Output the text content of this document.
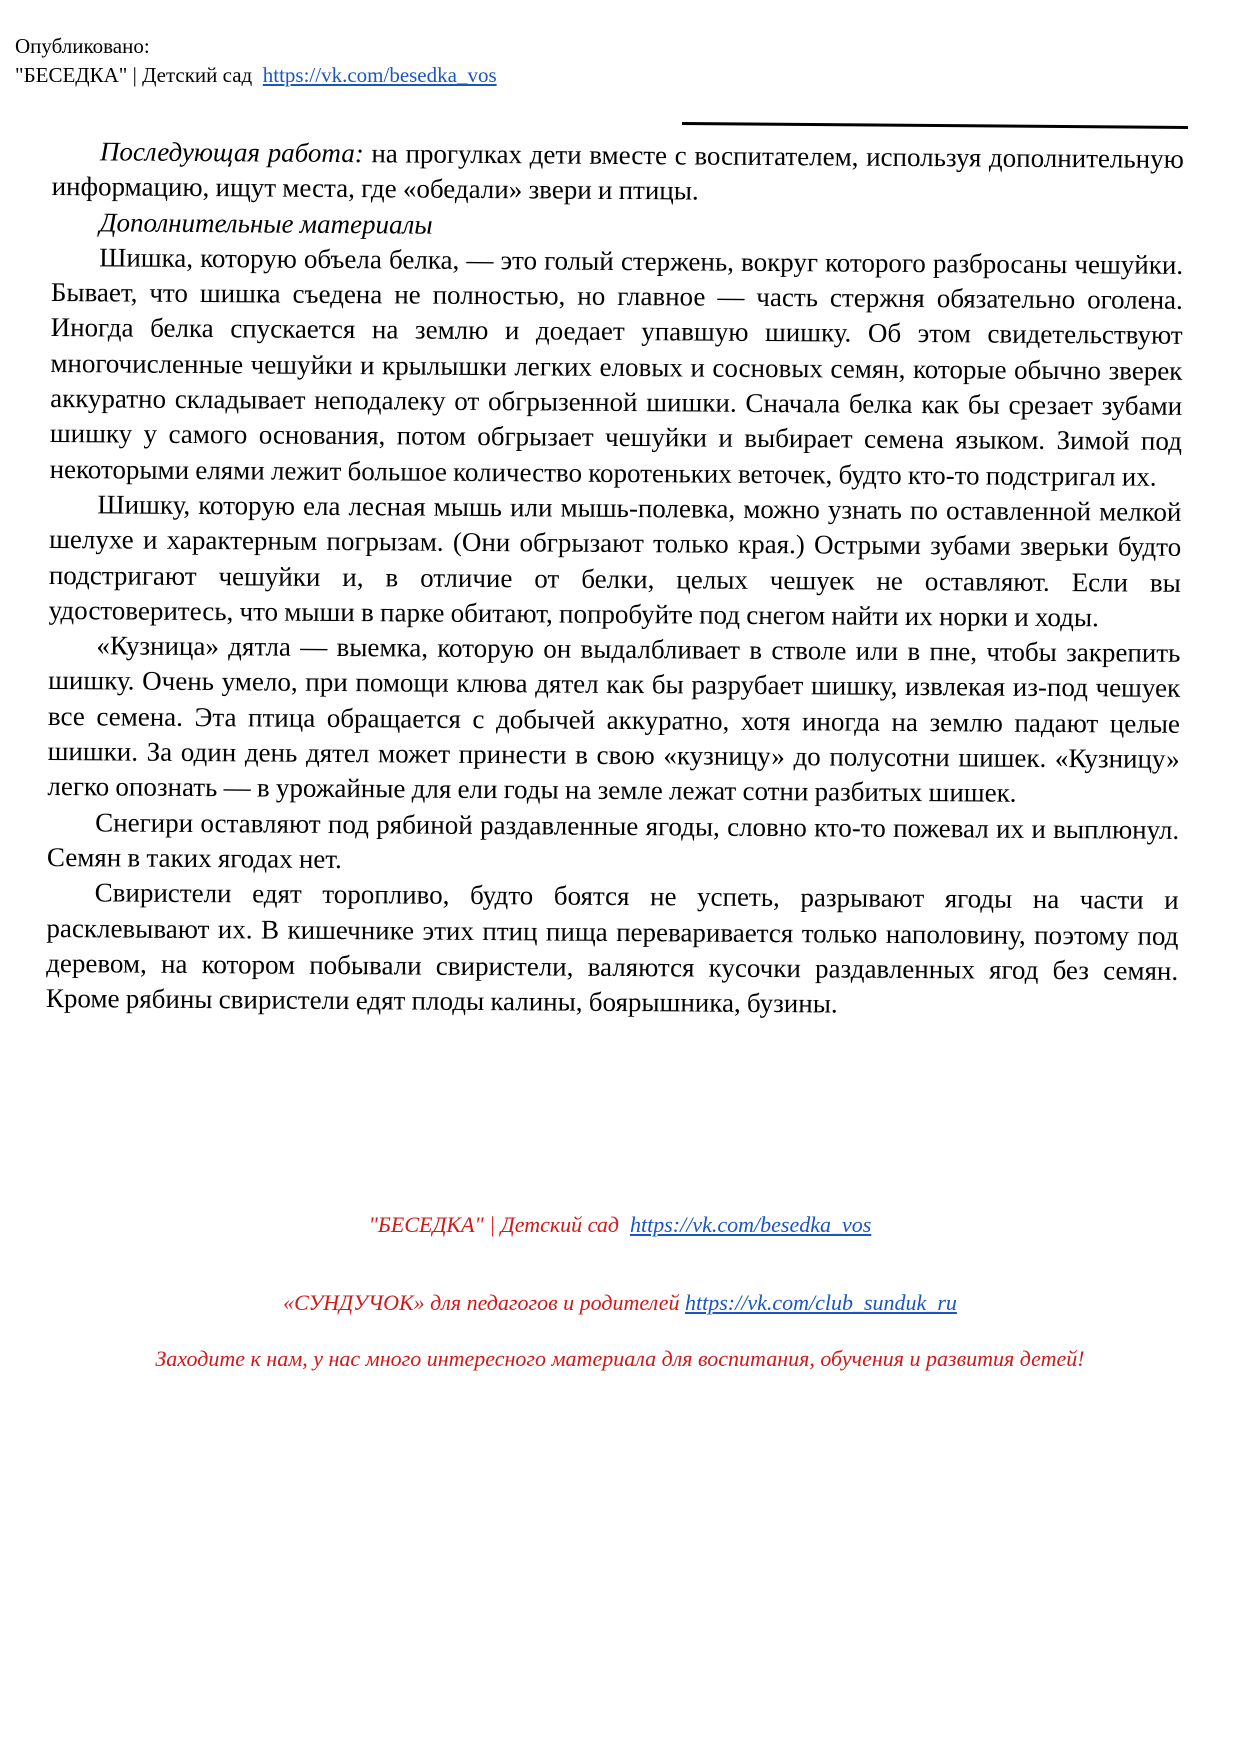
Опубликовано:
"БЕСЕДКА" | Детский сад https://vk.com/besedka_vos

Последующая работа: на прогулках дети вместе с воспитателем, используя дополнительную информацию, ищут места, где «обедали» звери и птицы.

Дополнительные материалы

Шишка, которую объела белка, — это голый стержень, вокруг которого разбросаны чешуйки. Бывает, что шишка съедена не полностью, но главное — часть стержня обязательно оголена. Иногда белка спускается на землю и доедает упавшую шишку. Об этом свидетельствуют многочисленные чешуйки и крылышки легких еловых и сосновых семян, которые обычно зверек аккуратно складывает неподалеку от обгрызенной шишки. Сначала белка как бы срезает зубами шишку у самого основания, потом обгрызает чешуйки и выбирает семена языком. Зимой под некоторыми елями лежит большое количество коротеньких веточек, будто кто-то подстригал их.

Шишку, которую ела лесная мышь или мышь-полевка, можно узнать по оставленной мелкой шелухе и характерным погрызам. (Они обгрызают только края.) Острыми зубами зверьки будто подстригают чешуйки и, в отличие от белки, целых чешуек не оставляют. Если вы удостоверитесь, что мыши в парке обитают, попробуйте под снегом найти их норки и ходы.

«Кузница» дятла — выемка, которую он выдалбливает в стволе или в пне, чтобы закрепить шишку. Очень умело, при помощи клюва дятел как бы разрубает шишку, извлекая из-под чешуек все семена. Эта птица обращается с добычей аккуратно, хотя иногда на землю падают целые шишки. За один день дятел может принести в свою «кузницу» до полусотни шишек. «Кузницу» легко опознать — в урожайные для ели годы на земле лежат сотни разбитых шишек.

Снегири оставляют под рябиной раздавленные ягоды, словно кто-то пожевал их и выплюнул. Семян в таких ягодах нет.

Свиристели едят торопливо, будто боятся не успеть, разрывают ягоды на части и расклевывают их. В кишечнике этих птиц пища переваривается только наполовину, поэтому под деревом, на котором побывали свиристели, валяются кусочки раздавленных ягод без семян. Кроме рябины свиристели едят плоды калины, боярышника, бузины.

"БЕСЕДКА" | Детский сад https://vk.com/besedka_vos
«СУНДУЧОК» для педагогов и родителей https://vk.com/club_sunduk_ru
Заходите к нам, у нас много интересного материала для воспитания, обучения и развития детей!
